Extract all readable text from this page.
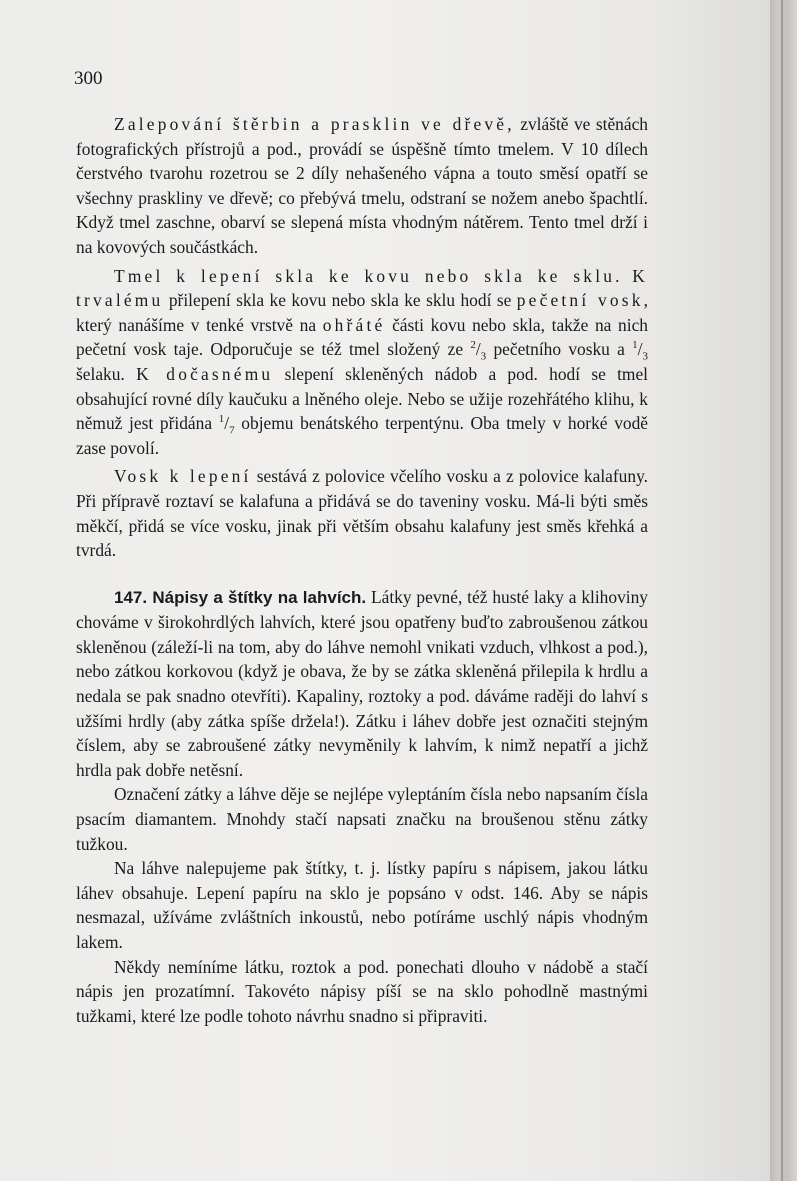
300

Zalepování štěrbin a prasklin ve dřevě, zvláště ve stěnách fotografických přístrojů a pod., provádí se úspěšně tímto tmelem. V 10 dílech čerstvého tvarohu rozetrou se 2 díly nehašeného vápna a touto směsí opatří se všechny praskliny ve dřevě; co přebývá tmelu, odstraní se nožem anebo špachtlí. Když tmel zaschne, obarví se slepená místa vhodným nátěrem. Tento tmel drží i na kovových součástkách.

Tmel k lepení skla ke kovu nebo skla ke sklu. K trvalému přilepení skla ke kovu nebo skla ke sklu hodí se pečetní vosk, který nanášíme v tenké vrstvě na ohřáté části kovu nebo skla, takže na nich pečetní vosk taje. Odporučuje se též tmel složený ze $^2/_3$ pečetního vosku a $^1/_3$ šelaku. K dočasnému slepení skleněných nádob a pod. hodí se tmel obsahující rovné díly kaučuku a lněného oleje. Nebo se užije rozehřátého klihu, k němuž jest přidána $^1/_7$ objemu benátského terpentýnu. Oba tmely v horké vodě zase povolí.

Vosk k lepení sestává z polovice včelího vosku a z polovice kalafuny. Při přípravě roztaví se kalafuna a přidává se do taveniny vosku. Má-li býti směs měkčí, přidá se více vosku, jinak při větším obsahu kalafuny jest směs křehká a tvrdá.

147. Nápisy a štítky na lahvích. Látky pevné, též husté laky a klihoviny chováme v širokohrdlých lahvích, které jsou opatřeny buďto zabroušenou zátkou skleněnou (záleží-li na tom, aby do láhve nemohl vnikati vzduch, vlhkost a pod.), nebo zátkou korkovou (když je obava, že by se zátka skleněná přilepila k hrdlu a nedala se pak snadno otevříti). Kapaliny, roztoky a pod. dáváme raději do lahví s užšími hrdly (aby zátka spíše držela!). Zátku i láhev dobře jest označiti stejným číslem, aby se zabroušené zátky nevyměnily k lahvím, k nimž nepatří a jichž hrdla pak dobře netěsní.

Označení zátky a láhve děje se nejlépe vyleptáním čísla nebo napsaním čísla psacím diamantem. Mnohdy stačí napsati značku na broušenou stěnu zátky tužkou.

Na láhve nalepujeme pak štítky, t. j. lístky papíru s nápisem, jakou látku láhev obsahuje. Lepení papíru na sklo je popsáno v odst. 146. Aby se nápis nesmazal, užíváme zvláštních inkoustů, nebo potíráme uschlý nápis vhodným lakem.

Někdy nemíníme látku, roztok a pod. ponechati dlouho v nádobě a stačí nápis jen prozatímní. Takovéto nápisy píší se na sklo pohodlně mastnými tužkami, které lze podle tohoto návrhu snadno si připraviti.
